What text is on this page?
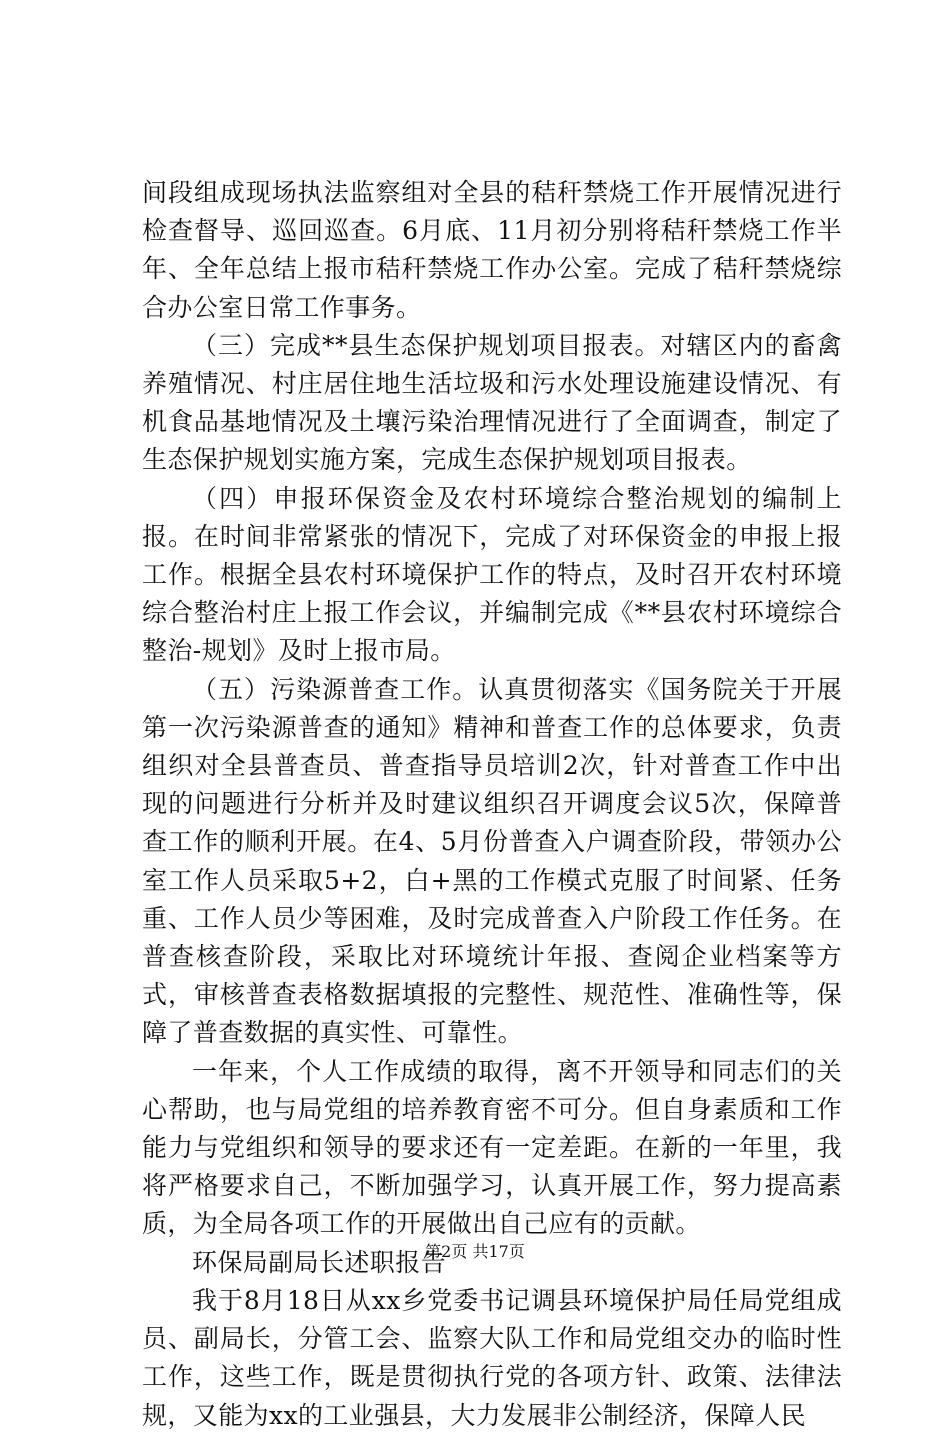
间段组成现场执法监察组对全县的秸秆禁烧工作开展情况进行检查督导、巡回巡查。6月底、11月初分别将秸秆禁烧工作半年、全年总结上报市秸秆禁烧工作办公室。完成了秸秆禁烧综合办公室日常工作事务。

（三）完成**县生态保护规划项目报表。对辖区内的畜禽养殖情况、村庄居住地生活垃圾和污水处理设施建设情况、有机食品基地情况及土壤污染治理情况进行了全面调查，制定了生态保护规划实施方案，完成生态保护规划项目报表。

（四）申报环保资金及农村环境综合整治规划的编制上报。在时间非常紧张的情况下，完成了对环保资金的申报上报工作。根据全县农村环境保护工作的特点，及时召开农村环境综合整治村庄上报工作会议，并编制完成《**县农村环境综合整治-规划》及时上报市局。

（五）污染源普查工作。认真贯彻落实《国务院关于开展第一次污染源普查的通知》精神和普查工作的总体要求，负责组织对全县普查员、普查指导员培训2次，针对普查工作中出现的问题进行分析并及时建议组织召开调度会议5次，保障普查工作的顺利开展。在4、5月份普查入户调查阶段，带领办公室工作人员采取5+2，白+黑的工作模式克服了时间紧、任务重、工作人员少等困难，及时完成普查入户阶段工作任务。在普查核查阶段，采取比对环境统计年报、查阅企业档案等方式，审核普查表格数据填报的完整性、规范性、准确性等，保障了普查数据的真实性、可靠性。

一年来，个人工作成绩的取得，离不开领导和同志们的关心帮助，也与局党组的培养教育密不可分。但自身素质和工作能力与党组织和领导的要求还有一定差距。在新的一年里，我将严格要求自己，不断加强学习，认真开展工作，努力提高素质，为全局各项工作的开展做出自己应有的贡献。

环保局副局长述职报告

我于8月18日从xx乡党委书记调县环境保护局任局党组成员、副局长，分管工会、监察大队工作和局党组交办的临时性工作，这些工作，既是贯彻执行党的各项方针、政策、法律法规，又能为xx的工业强县，大力发展非公制经济，保障人民

第2页 共17页
